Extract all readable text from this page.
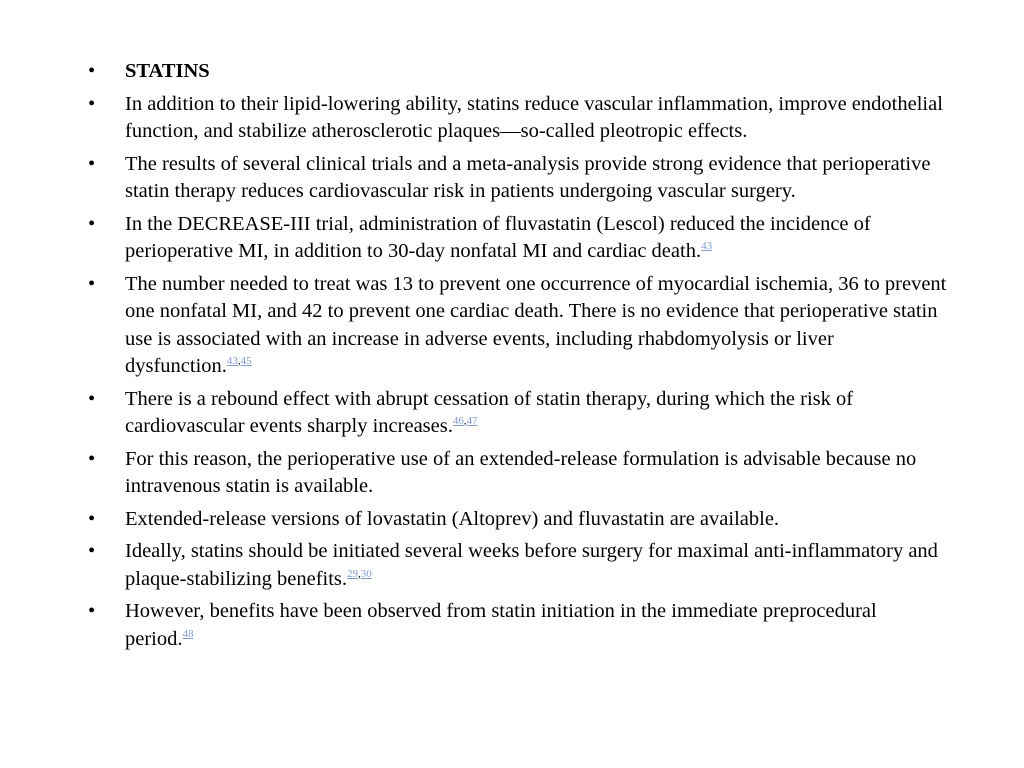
• STATINS
• In addition to their lipid-lowering ability, statins reduce vascular inflammation, improve endothelial function, and stabilize atherosclerotic plaques—so-called pleotropic effects.
• The results of several clinical trials and a meta-analysis provide strong evidence that perioperative statin therapy reduces cardiovascular risk in patients undergoing vascular surgery.
• In the DECREASE-III trial, administration of fluvastatin (Lescol) reduced the incidence of perioperative MI, in addition to 30-day nonfatal MI and cardiac death.$^{43}$
• The number needed to treat was 13 to prevent one occurrence of myocardial ischemia, 36 to prevent one nonfatal MI, and 42 to prevent one cardiac death. There is no evidence that perioperative statin use is associated with an increase in adverse events, including rhabdomyolysis or liver dysfunction.$^{43,45}$
• There is a rebound effect with abrupt cessation of statin therapy, during which the risk of cardiovascular events sharply increases.$^{46,47}$
• For this reason, the perioperative use of an extended-release formulation is advisable because no intravenous statin is available.
• Extended-release versions of lovastatin (Altoprev) and fluvastatin are available.
• Ideally, statins should be initiated several weeks before surgery for maximal anti-inflammatory and plaque-stabilizing benefits.$^{29,30}$
• However, benefits have been observed from statin initiation in the immediate preprocedural period.$^{48}$
